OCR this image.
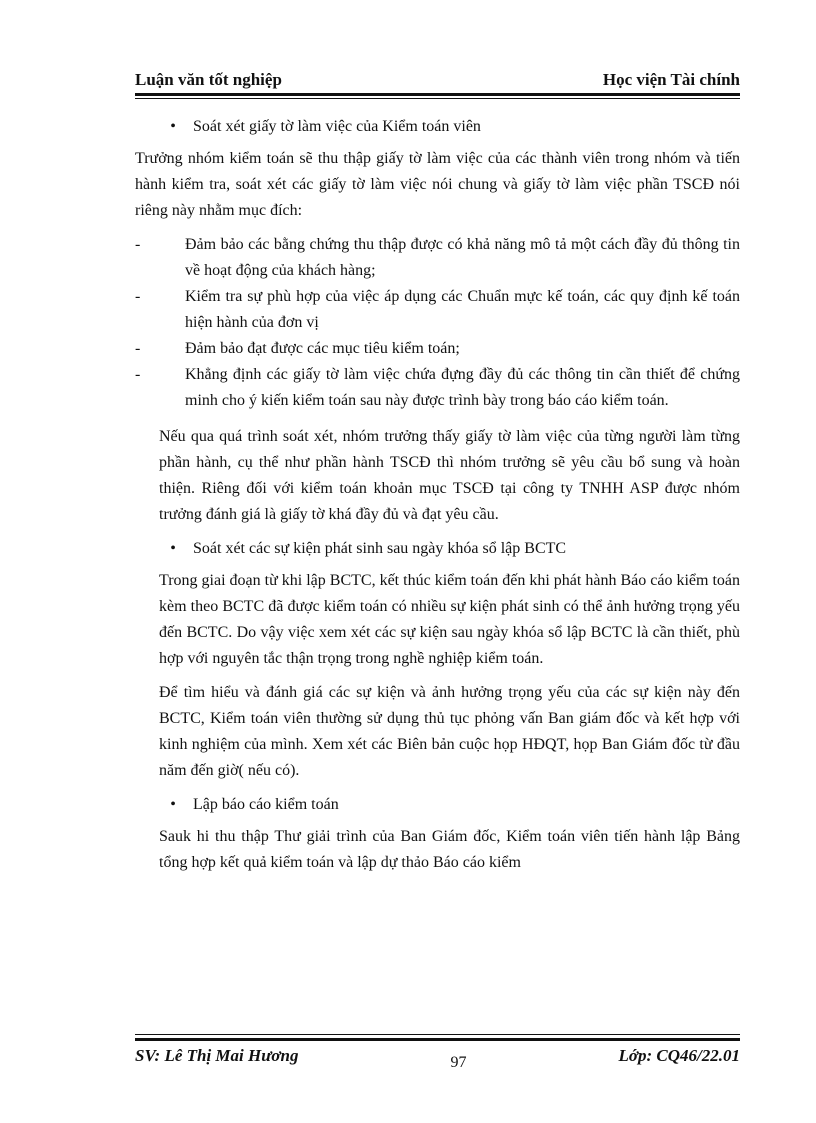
Luận văn tốt nghiệp	Học viện Tài chính
•	Soát xét giấy tờ làm việc của Kiểm toán viên

Trưởng nhóm kiểm toán sẽ thu thập giấy tờ làm việc của các thành viên trong nhóm và tiến hành kiểm tra, soát xét các giấy tờ làm việc nói chung và giấy tờ làm việc phần TSCĐ nói riêng này nhằm mục đích:

-	Đảm bảo các bằng chứng thu thập được có khả năng mô tả một cách đầy đủ thông tin về hoạt động của khách hàng;
-	Kiểm tra sự phù hợp của việc áp dụng các Chuẩn mực kế toán, các quy định kế toán hiện hành của đơn vị
-	Đảm bảo đạt được các mục tiêu kiểm toán;
-	Khẳng định các giấy tờ làm việc chứa đựng đầy đủ các thông tin cần thiết để chứng minh cho ý kiến kiểm toán sau này được trình bày trong báo cáo kiểm toán.

Nếu qua quá trình soát xét, nhóm trưởng thấy giấy tờ làm việc của từng người làm từng phần hành, cụ thể như phần hành TSCĐ thì nhóm trưởng sẽ yêu cầu bổ sung và hoàn thiện. Riêng đối với kiểm toán khoản mục TSCĐ tại công ty TNHH ASP được nhóm trưởng đánh giá là giấy tờ khá đầy đủ và đạt yêu cầu.

•	Soát xét các sự kiện phát sinh sau ngày khóa sổ lập BCTC

Trong giai đoạn từ khi lập BCTC, kết thúc kiểm toán đến khi phát hành Báo cáo kiểm toán kèm theo BCTC đã được kiểm toán có nhiều sự kiện phát sinh có thể ảnh hưởng trọng yếu đến BCTC. Do vậy việc xem xét các sự kiện sau ngày khóa sổ lập BCTC là cần thiết, phù hợp với nguyên tắc thận trọng trong nghề nghiệp kiểm toán.

Để tìm hiểu và đánh giá các sự kiện và ảnh hưởng trọng yếu của các sự kiện này đến BCTC, Kiểm toán viên thường sử dụng thủ tục phỏng vấn Ban giám đốc và kết hợp với kinh nghiệm của mình. Xem xét các Biên bản cuộc họp HĐQT, họp Ban Giám đốc từ đầu năm đến giờ( nếu có).

•	Lập báo cáo kiểm toán

Sauk hi thu thập Thư giải trình của Ban Giám đốc, Kiểm toán viên tiến hành lập Bảng tổng hợp kết quả kiểm toán và lập dự thảo Báo cáo kiểm

SV: Lê Thị Mai Hương	97	Lớp: CQ46/22.01
